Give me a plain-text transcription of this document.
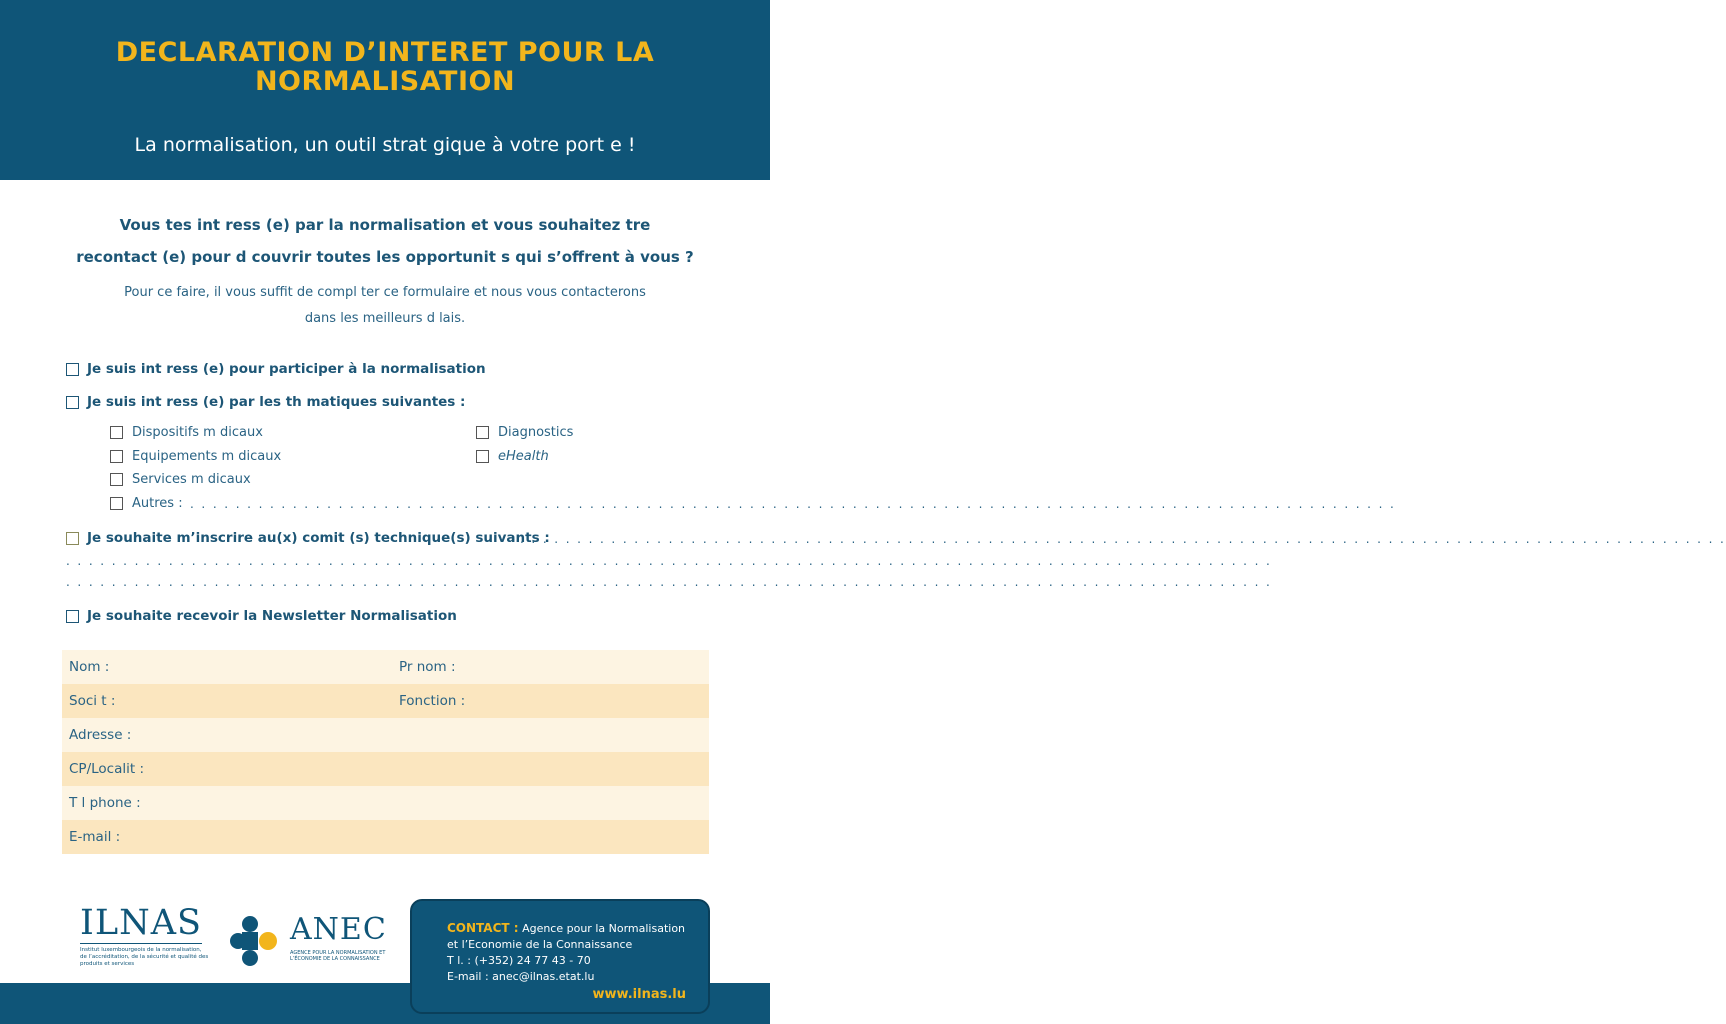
DECLARATION D’INTERET POUR LA
NORMALISATION
La normalisation, un outil strat gique à votre port e !
Vous tes int ress (e) par la normalisation et vous souhaitez tre
recontact (e) pour d couvrir toutes les opportunit s qui s’offrent à vous ?
Pour ce faire, il vous suffit de compl ter ce formulaire et nous vous contacterons
dans les meilleurs d lais.
Je suis int ress (e) pour participer à la normalisation
Je suis int ress (e) par les th matiques suivantes :
Dispositifs m dicaux
Equipements m dicaux
Services m dicaux
Autres : . . . . . . . . . . . . . . . . . . . . . . . . . . . . . . . . . . . . . . . . . . . . . . . . . . . . . . . . . . . . . . . . . . . . . . . . . . . . . . . . . . . . . . . . . . . . . . . . . . . . . . . . . .
Diagnostics
eHealth
Je souhaite m’inscrire au(x) comit (s) technique(s) suivants :
. . . . . . . . . . . . . . . . . . . . . . . . . . . . . . . . . . . . . . . . . . . . . . . . . . . . . . . . . . . . . . . . . . . . . . . . . . . . . . . . . . . . . . . . . . . . . . . . . . . . . . . . . .
. . . . . . . . . . . . . . . . . . . . . . . . . . . . . . . . . . . . . . . . . . . . . . . . . . . . . . . . . . . . . . . . . . . . . . . . . . . . . . . . . . . . . . . . . . . . . . . . . . . . . . . . . .
. . . . . . . . . . . . . . . . . . . . . . . . . . . . . . . . . . . . . . . . . . . . . . . . . . . . . . . . . . . . . . . . . . . . . . . . . . . . . . . . . . . . . . . . . . . . . . . . . . . . . . . . . .
Je souhaite recevoir la Newsletter Normalisation
Nom :	Pr nom :
Soci t :	Fonction :
Adresse :
CP/Localit :
T l phone :
E-mail :
ILNAS
Institut luxembourgeois de la normalisation, de l’accréditation, de la sécurité et qualité des produits et services
ANEC
AGENCE POUR LA NORMALISATION ET L’ÉCONOMIE DE LA CONNAISSANCE
CONTACT : Agence pour la Normalisation
et l’Economie de la Connaissance
T l. : (+352) 24 77 43 - 70
E-mail : anec@ilnas.etat.lu
www.ilnas.lu
